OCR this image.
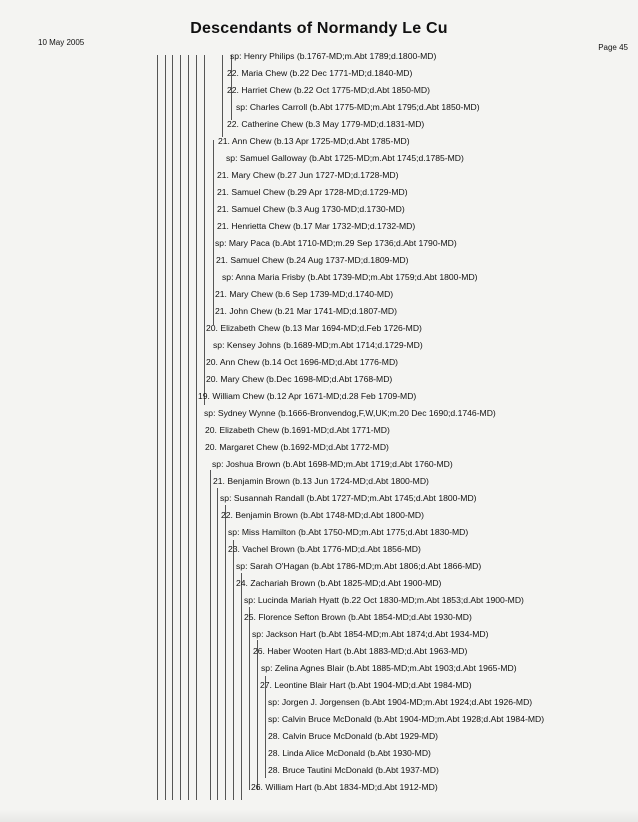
Descendants of Normandy Le Cu
10 May 2005
Page 45
sp: Henry Philips (b.1767-MD;m.Abt 1789;d.1800-MD)
22. Maria Chew (b.22 Dec 1771-MD;d.1840-MD)
22. Harriet Chew (b.22 Oct 1775-MD;d.Abt 1850-MD)
sp: Charles Carroll (b.Abt 1775-MD;m.Abt 1795;d.Abt 1850-MD)
22. Catherine Chew (b.3 May 1779-MD;d.1831-MD)
21. Ann Chew (b.13 Apr 1725-MD;d.Abt 1785-MD)
sp: Samuel Galloway (b.Abt 1725-MD;m.Abt 1745;d.1785-MD)
21. Mary Chew (b.27 Jun 1727-MD;d.1728-MD)
21. Samuel Chew (b.29 Apr 1728-MD;d.1729-MD)
21. Samuel Chew (b.3 Aug 1730-MD;d.1730-MD)
21. Henrietta Chew (b.17 Mar 1732-MD;d.1732-MD)
sp: Mary Paca (b.Abt 1710-MD;m.29 Sep 1736;d.Abt 1790-MD)
21. Samuel Chew (b.24 Aug 1737-MD;d.1809-MD)
sp: Anna Maria Frisby (b.Abt 1739-MD;m.Abt 1759;d.Abt 1800-MD)
21. Mary Chew (b.6 Sep 1739-MD;d.1740-MD)
21. John Chew (b.21 Mar 1741-MD;d.1807-MD)
20. Elizabeth Chew (b.13 Mar 1694-MD;d.Feb 1726-MD)
sp: Kensey Johns (b.1689-MD;m.Abt 1714;d.1729-MD)
20. Ann Chew (b.14 Oct 1696-MD;d.Abt 1776-MD)
20. Mary Chew (b.Dec 1698-MD;d.Abt 1768-MD)
19. William Chew (b.12 Apr 1671-MD;d.28 Feb 1709-MD)
sp: Sydney Wynne (b.1666-Bronvendog,F,W,UK;m.20 Dec 1690;d.1746-MD)
20. Elizabeth Chew (b.1691-MD;d.Abt 1771-MD)
20. Margaret Chew (b.1692-MD;d.Abt 1772-MD)
sp: Joshua Brown (b.Abt 1698-MD;m.Abt 1719;d.Abt 1760-MD)
21. Benjamin Brown (b.13 Jun 1724-MD;d.Abt 1800-MD)
sp: Susannah Randall (b.Abt 1727-MD;m.Abt 1745;d.Abt 1800-MD)
22. Benjamin Brown (b.Abt 1748-MD;d.Abt 1800-MD)
sp: Miss Hamilton (b.Abt 1750-MD;m.Abt 1775;d.Abt 1830-MD)
23. Vachel Brown (b.Abt 1776-MD;d.Abt 1856-MD)
sp: Sarah O'Hagan (b.Abt 1786-MD;m.Abt 1806;d.Abt 1866-MD)
24. Zachariah Brown (b.Abt 1825-MD;d.Abt 1900-MD)
sp: Lucinda Mariah Hyatt (b.22 Oct 1830-MD;m.Abt 1853;d.Abt 1900-MD)
25. Florence Sefton Brown (b.Abt 1854-MD;d.Abt 1930-MD)
sp: Jackson Hart (b.Abt 1854-MD;m.Abt 1874;d.Abt 1934-MD)
26. Haber Wooten Hart (b.Abt 1883-MD;d.Abt 1963-MD)
sp: Zelina Agnes Blair (b.Abt 1885-MD;m.Abt 1903;d.Abt 1965-MD)
27. Leontine Blair Hart (b.Abt 1904-MD;d.Abt 1984-MD)
sp: Jorgen J. Jorgensen (b.Abt 1904-MD;m.Abt 1924;d.Abt 1926-MD)
sp: Calvin Bruce McDonald (b.Abt 1904-MD;m.Abt 1928;d.Abt 1984-MD)
28. Calvin Bruce McDonald (b.Abt 1929-MD)
28. Linda Alice McDonald (b.Abt 1930-MD)
28. Bruce Tautini McDonald (b.Abt 1937-MD)
26. William Hart (b.Abt 1834-MD;d.Abt 1912-MD)
